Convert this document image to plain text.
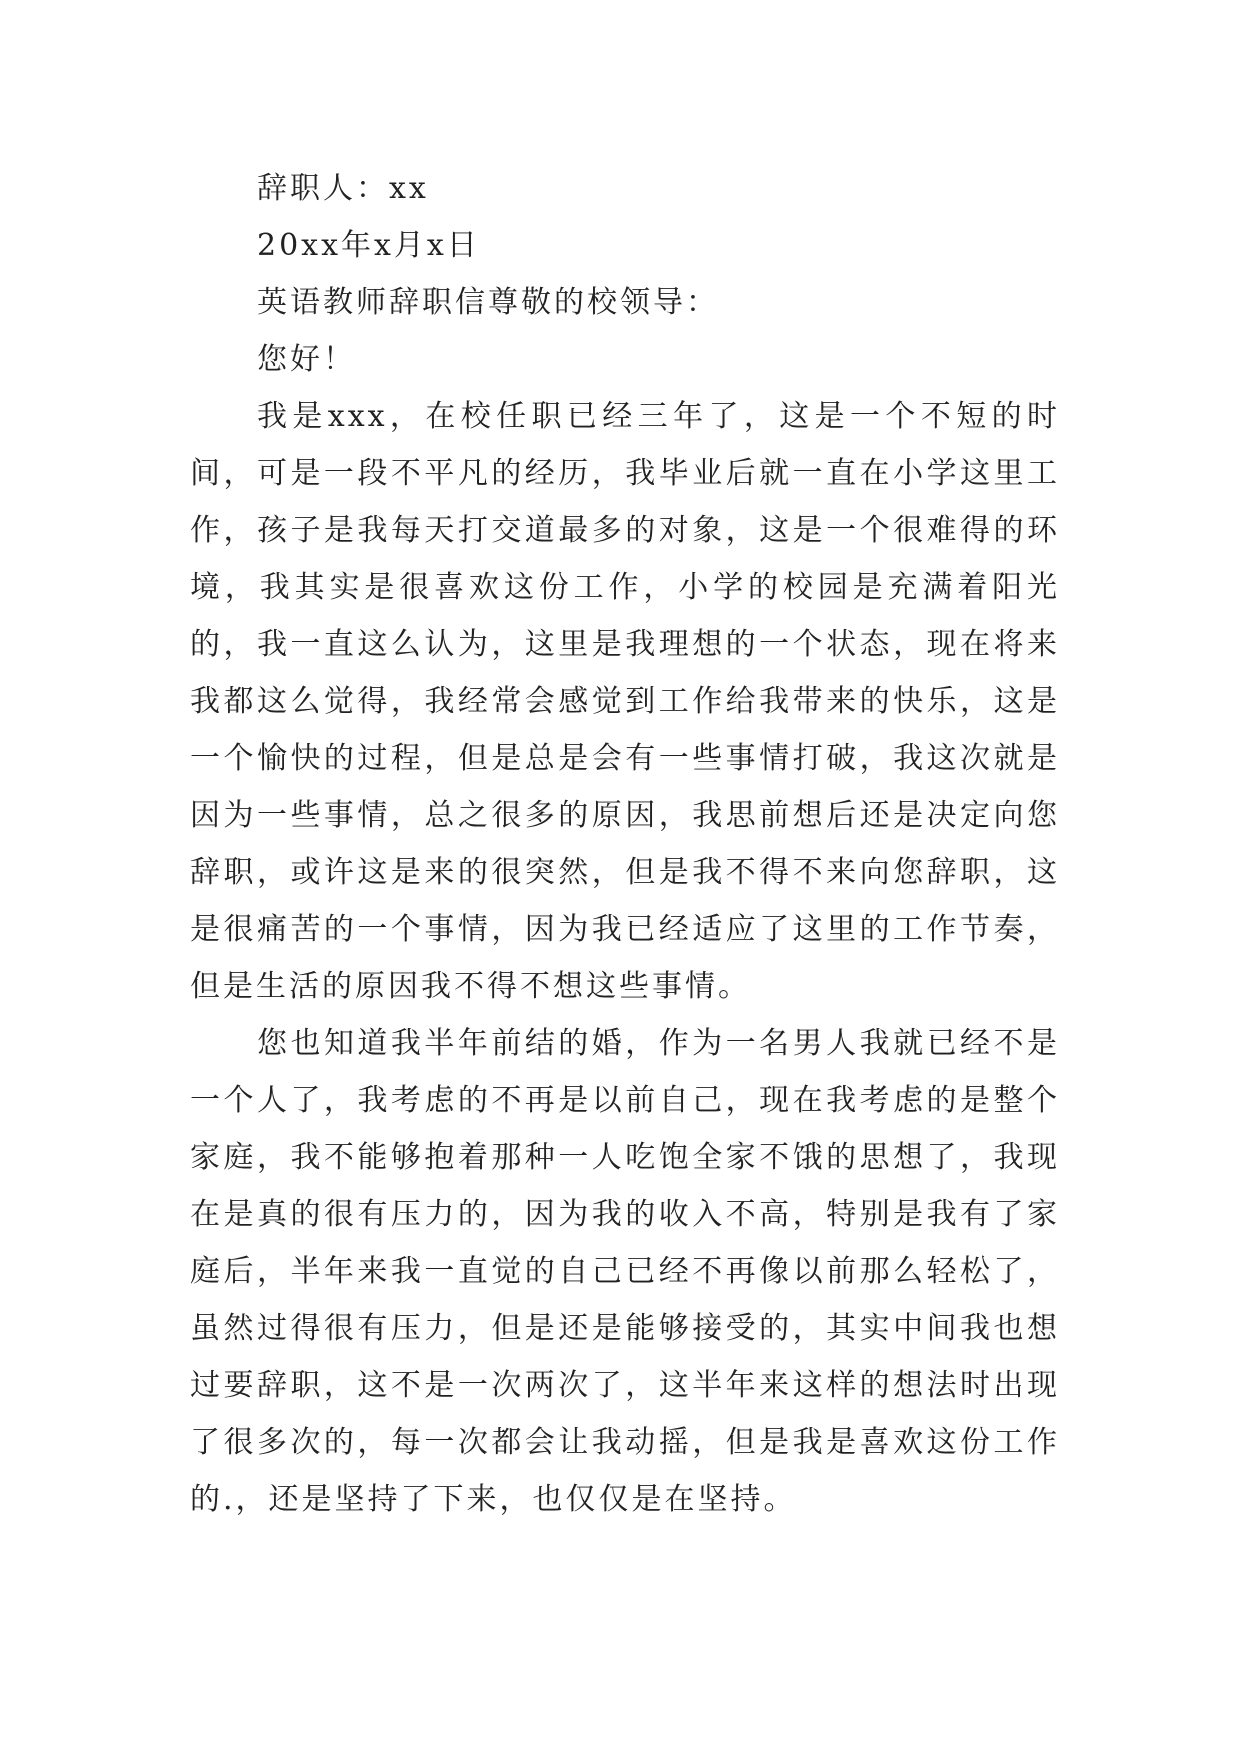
辞职人：xx

20xx年x月x日

英语教师辞职信尊敬的校领导：

您好！

我是xxx，在校任职已经三年了，这是一个不短的时间，可是一段不平凡的经历，我毕业后就一直在小学这里工作，孩子是我每天打交道最多的对象，这是一个很难得的环境，我其实是很喜欢这份工作，小学的校园是充满着阳光的，我一直这么认为，这里是我理想的一个状态，现在将来我都这么觉得，我经常会感觉到工作给我带来的快乐，这是一个愉快的过程，但是总是会有一些事情打破，我这次就是因为一些事情，总之很多的原因，我思前想后还是决定向您辞职，或许这是来的很突然，但是我不得不来向您辞职，这是很痛苦的一个事情，因为我已经适应了这里的工作节奏，但是生活的原因我不得不想这些事情。

您也知道我半年前结的婚，作为一名男人我就已经不是一个人了，我考虑的不再是以前自己，现在我考虑的是整个家庭，我不能够抱着那种一人吃饱全家不饿的思想了，我现在是真的很有压力的，因为我的收入不高，特别是我有了家庭后，半年来我一直觉的自己已经不再像以前那么轻松了，虽然过得很有压力，但是还是能够接受的，其实中间我也想过要辞职，这不是一次两次了，这半年来这样的想法时出现了很多次的，每一次都会让我动摇，但是我是喜欢这份工作的.，还是坚持了下来，也仅仅是在坚持。
